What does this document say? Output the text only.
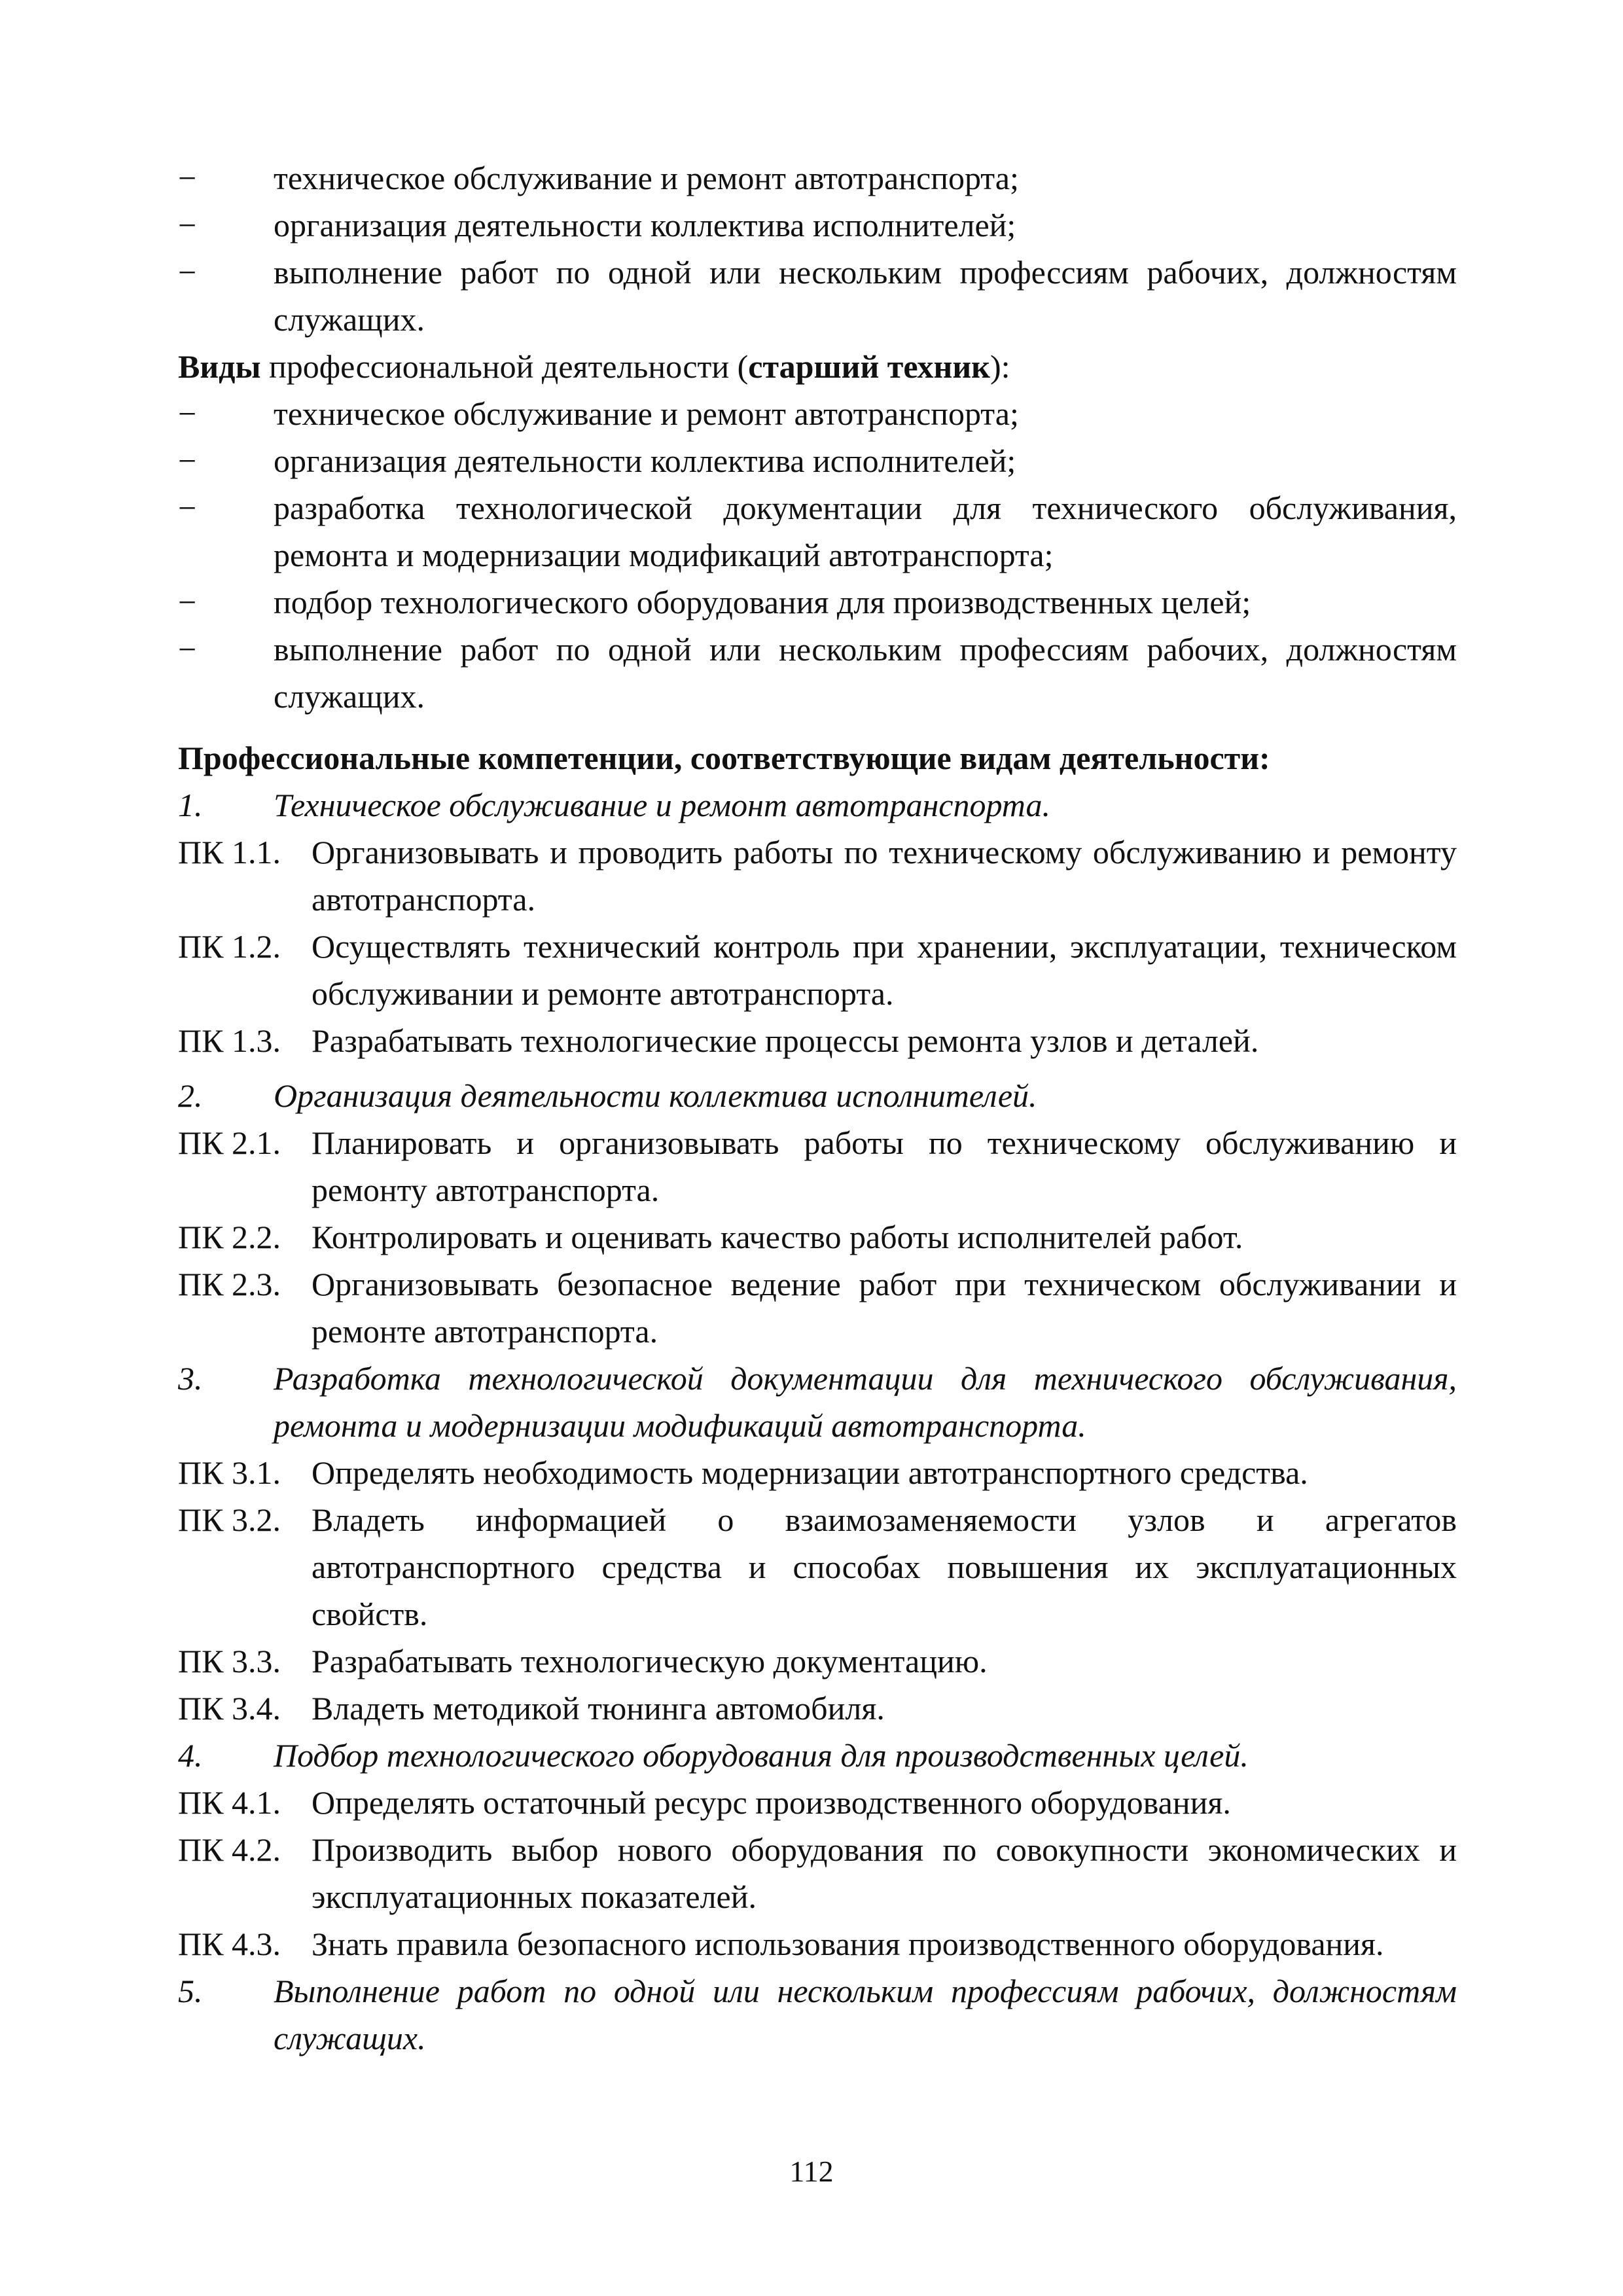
−	техническое обслуживание и ремонт автотранспорта;
−	организация деятельности коллектива исполнителей;
−	выполнение работ по одной или нескольким профессиям рабочих, должностям служащих.
Виды профессиональной деятельности (старший техник):
−	техническое обслуживание и ремонт автотранспорта;
−	организация деятельности коллектива исполнителей;
−	разработка технологической документации для технического обслуживания, ремонта и модернизации модификаций автотранспорта;
−	подбор технологического оборудования для производственных целей;
−	выполнение работ по одной или нескольким профессиям рабочих, должностям служащих.
Профессиональные компетенции, соответствующие видам деятельности:
1.	Техническое обслуживание и ремонт автотранспорта.
ПК 1.1. Организовывать и проводить работы по техническому обслуживанию и ремонту автотранспорта.
ПК 1.2. Осуществлять технический контроль при хранении, эксплуатации, техническом обслуживании и ремонте автотранспорта.
ПК 1.3. Разрабатывать технологические процессы ремонта узлов и деталей.
2.	Организация деятельности коллектива исполнителей.
ПК 2.1. Планировать и организовывать работы по техническому обслуживанию и ремонту автотранспорта.
ПК 2.2. Контролировать и оценивать качество работы исполнителей работ.
ПК 2.3. Организовывать безопасное ведение работ при техническом обслуживании и ремонте автотранспорта.
3.	Разработка технологической документации для технического обслуживания, ремонта и модернизации модификаций автотранспорта.
ПК 3.1. Определять необходимость модернизации автотранспортного средства.
ПК 3.2. Владеть информацией о взаимозаменяемости узлов и агрегатов автотранспортного средства и способах повышения их эксплуатационных свойств.
ПК 3.3. Разрабатывать технологическую документацию.
ПК 3.4. Владеть методикой тюнинга автомобиля.
4.	Подбор технологического оборудования для производственных целей.
ПК 4.1. Определять остаточный ресурс производственного оборудования.
ПК 4.2. Производить выбор нового оборудования по совокупности экономических и эксплуатационных показателей.
ПК 4.3. Знать правила безопасного использования производственного оборудования.
5.	Выполнение работ по одной или нескольким профессиям рабочих, должностям служащих.
112
